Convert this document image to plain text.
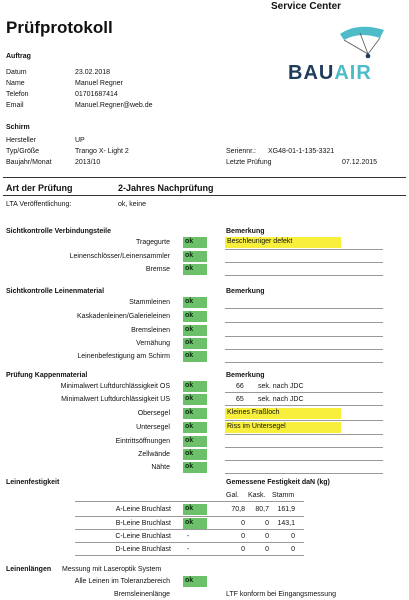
Prüfprotokoll
Service Center
BAUAIR
Auftrag
Datum	23.02.2018
Name	Manuel Regner
Telefon	01701687414
Email	Manuel.Regner@web.de
Schirm
Hersteller	UP
Typ/Größe	Trango X- Light 2
Baujahr/Monat	2013/10
Seriennr.: XG48-01-1-135-3321
Letzte Prüfung	07.12.2015
Art der Prüfung	2-Jahres Nachprüfung
LTA Veröffentlichung:	ok, keine
Sichtkontrolle Verbindungsteile	Bemerkung
Tragegurte ok	Beschleuniger defekt
Leinenschlösser/Leinensammler ok
Bremse ok
Sichtkontrolle Leinenmaterial	Bemerkung
Stammleinen ok
Kaskadenleinen/Galerieleinen ok
Bremsleinen ok
Vernähung ok
Leinenbefestigung am Schirm ok
Prüfung Kappenmaterial	Bemerkung
Minimalwert Luftdurchlässigkeit OS ok	66 sek. nach JDC
Minimalwert Luftdurchlässigkeit US ok	65 sek. nach JDC
Obersegel ok	Kleines Fraßloch
Untersegel ok	Riss im Untersegel
Eintrittsöffnungen ok
Zellwände ok
Nähte ok
Leinenfestigkeit	Gemessene Festigkeit daN (kg)
Gal. Kask. Stamm
A-Leine Bruchlast ok	70,8	80,7	161,9
B-Leine Bruchlast ok	0	0	143,1
C-Leine Bruchlast -	0	0	0
D-Leine Bruchlast -	0	0	0
Leinenlängen Messung mit Laseroptik System
Alle Leinen im Toleranzbereich ok
Bremsleinenlänge	LTF konform bei Eingangsmessung
